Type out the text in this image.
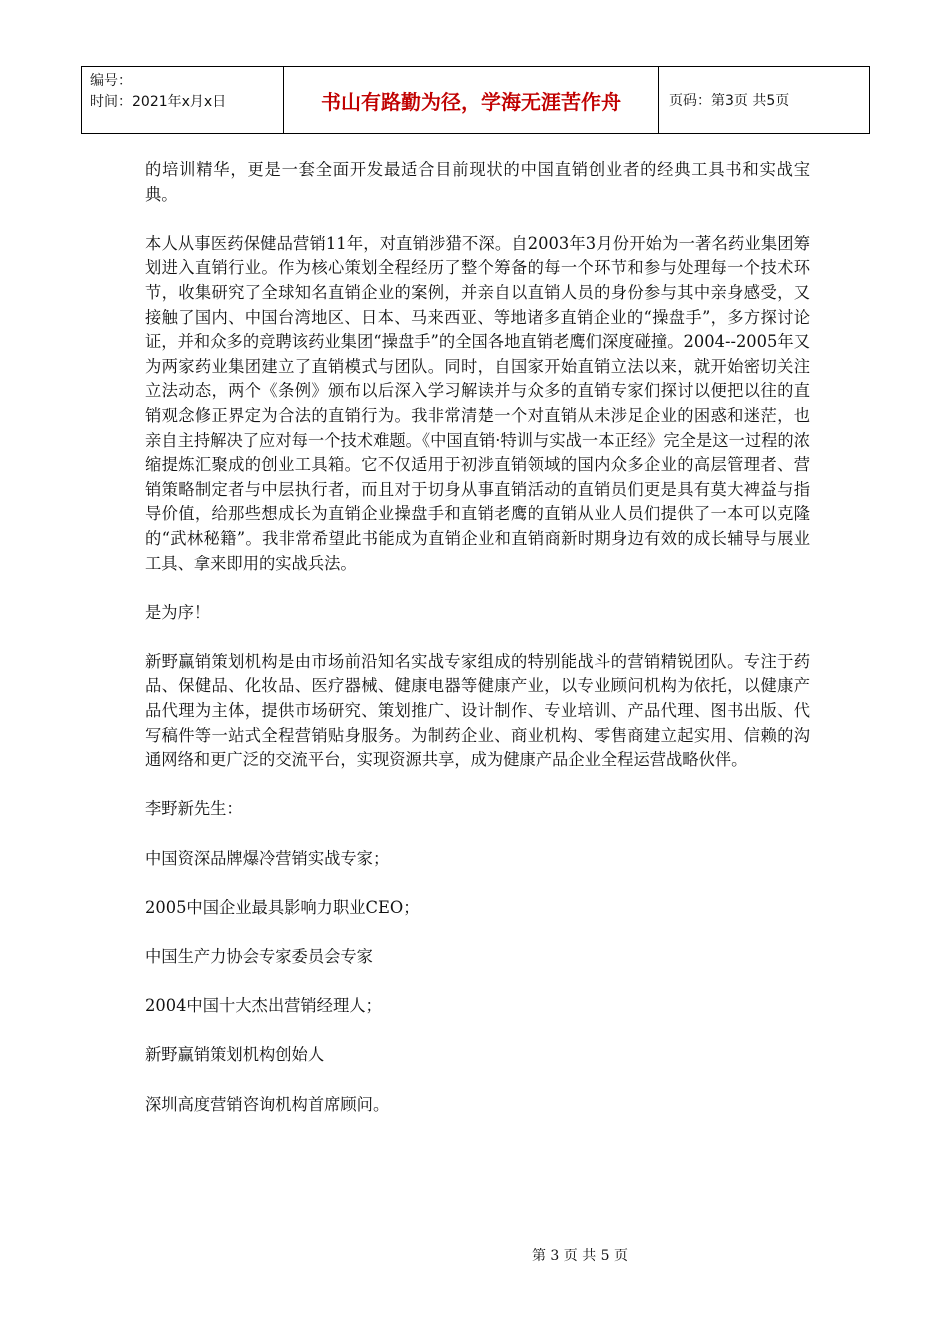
编号：
时间：2021年x月x日	书山有路勤为径，学海无涯苦作舟	页码：第3页 共5页

的培训精华，更是一套全面开发最适合目前现状的中国直销创业者的经典工具书和实战宝典。

本人从事医药保健品营销11年，对直销涉猎不深。自2003年3月份开始为一著名药业集团筹划进入直销行业。作为核心策划全程经历了整个筹备的每一个环节和参与处理每一个技术环节，收集研究了全球知名直销企业的案例，并亲自以直销人员的身份参与其中亲身感受，又接触了国内、中国台湾地区、日本、马来西亚、等地诸多直销企业的“操盘手”，多方探讨论证，并和众多的竞聘该药业集团“操盘手”的全国各地直销老鹰们深度碰撞。2004--2005年又为两家药业集团建立了直销模式与团队。同时，自国家开始直销立法以来，就开始密切关注立法动态，两个《条例》颁布以后深入学习解读并与众多的直销专家们探讨以便把以往的直销观念修正界定为合法的直销行为。我非常清楚一个对直销从未涉足企业的困惑和迷茫，也亲自主持解决了应对每一个技术难题。《中国直销·特训与实战一本正经》完全是这一过程的浓缩提炼汇聚成的创业工具箱。它不仅适用于初涉直销领域的国内众多企业的高层管理者、营销策略制定者与中层执行者，而且对于切身从事直销活动的直销员们更是具有莫大裨益与指导价值，给那些想成长为直销企业操盘手和直销老鹰的直销从业人员们提供了一本可以克隆的“武林秘籍”。我非常希望此书能成为直销企业和直销商新时期身边有效的成长辅导与展业工具、拿来即用的实战兵法。

是为序！

新野赢销策划机构是由市场前沿知名实战专家组成的特别能战斗的营销精锐团队。专注于药品、保健品、化妆品、医疗器械、健康电器等健康产业，以专业顾问机构为依托，以健康产品代理为主体，提供市场研究、策划推广、设计制作、专业培训、产品代理、图书出版、代写稿件等一站式全程营销贴身服务。为制药企业、商业机构、零售商建立起实用、信赖的沟通网络和更广泛的交流平台，实现资源共享，成为健康产品企业全程运营战略伙伴。

李野新先生：

中国资深品牌爆冷营销实战专家；

2005中国企业最具影响力职业CEO；

中国生产力协会专家委员会专家

2004中国十大杰出营销经理人；

新野赢销策划机构创始人

深圳高度营销咨询机构首席顾问。

第 3 页 共 5 页
